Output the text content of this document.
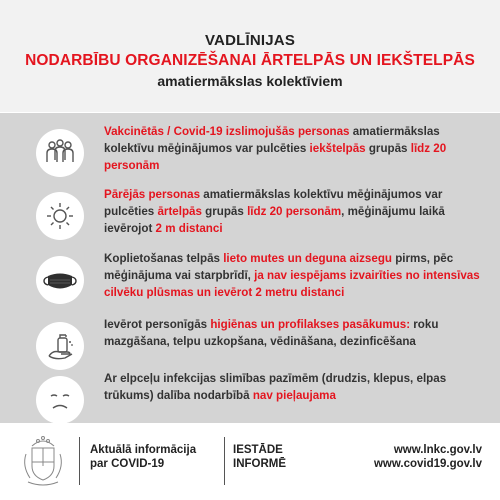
VADLĪNIJAS
NODARBĪBU ORGANIZĒŠANAI ĀRTELPĀS UN IEKŠTELPĀS
amatiermākslas kolektīviem
Vakcinētās / Covid-19 izslimojušās personas amatiermākslas kolektīvu mēģinājumos var pulcēties iekštelpās grupās līdz 20 personām
Pārējās personas amatiermākslas kolektīvu mēģinājumos var pulcēties ārtelpās grupās līdz 20 personām, mēģinājumu laikā ievērojot 2 m distanci
Koplietošanas telpās lieto mutes un deguna aizsegu pirms, pēc mēģinājuma vai starpbrīdī, ja nav iespējams izvairīties no intensīvas cilvēku plūsmas un ievērot 2 metru distanci
Ievērot personīgās higiēnas un profilakses pasākumus: roku mazgāšana, telpu uzkopšana, vēdināšana, dezinficēšana
Ar elpceļu infekcijas slimības pazīmēm (drudzis, klepus, elpas trūkums) dalība nodarbībā nav pieļaujama
Aktuālā informācija par COVID-19
IESTĀDE INFORMĒ
www.lnkc.gov.lv
www.covid19.gov.lv
